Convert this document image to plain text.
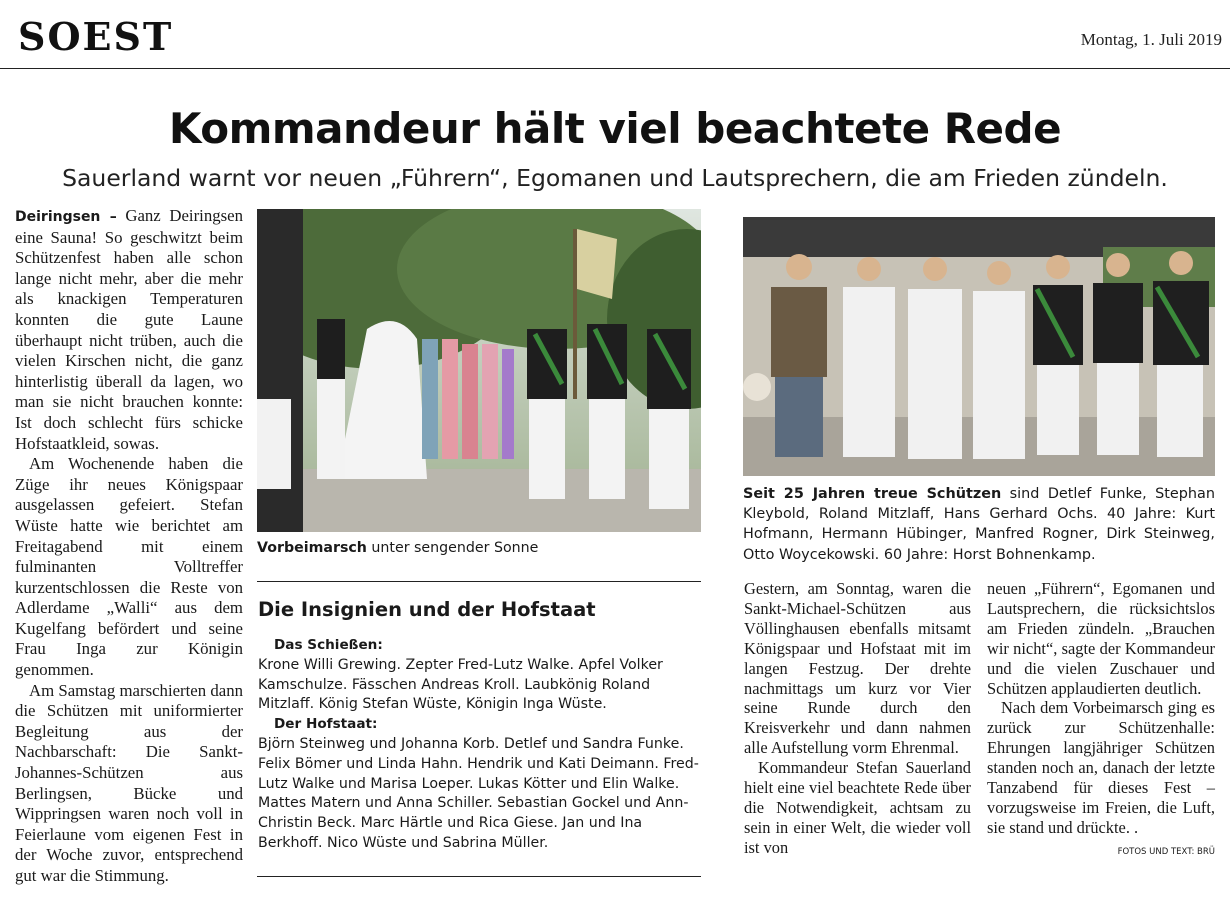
SOEST	Montag, 1. Juli 2019
Kommandeur hält viel beachtete Rede
Sauerland warnt vor neuen „Führern“, Egomanen und Lautsprechern, die am Frieden zündeln.

Deiringsen – Ganz Deiringsen eine Sauna! So geschwitzt beim Schützenfest haben alle schon lange nicht mehr, aber die mehr als knackigen Temperaturen konnten die gute Laune überhaupt nicht trüben, auch die vielen Kirschen nicht, die ganz hinterlistig überall da lagen, wo man sie nicht brauchen konnte: Ist doch schlecht fürs schicke Hofstaatkleid, sowas.

Am Wochenende haben die Züge ihr neues Königspaar ausgelassen gefeiert. Stefan Wüste hatte wie berichtet am Freitagabend mit einem fulminanten Volltreffer kurzentschlossen die Reste von Adlerdame „Walli“ aus dem Kugelfang befördert und seine Frau Inga zur Königin genommen.

Am Samstag marschierten dann die Schützen mit uniformierter Begleitung aus der Nachbarschaft: Die Sankt-Johannes-Schützen aus Berlingsen, Bücke und Wippringsen waren noch voll in Feierlaune vom eigenen Fest in der Woche zuvor, entsprechend gut war die Stimmung.

Vorbeimarsch unter sengender Sonne
Seit 25 Jahren treue Schützen sind Detlef Funke, Stephan Kleybold, Roland Mitzlaff, Hans Gerhard Ochs. 40 Jahre: Kurt Hofmann, Hermann Hübinger, Manfred Rogner, Dirk Steinweg, Otto Woycekowski. 60 Jahre: Horst Bohnenkamp.
Die Insignien und der Hofstaat
Das Schießen:
Krone Willi Grewing. Zepter Fred-Lutz Walke. Apfel Volker Kamschulze. Fässchen Andreas Kroll. Laubkönig Roland Mitzlaff. König Stefan Wüste, Königin Inga Wüste.
Der Hofstaat:
Björn Steinweg und Johanna Korb. Detlef und Sandra Funke. Felix Bömer und Linda Hahn. Hendrik und Kati Deimann. Fred-Lutz Walke und Marisa Loeper. Lukas Kötter und Elin Walke. Mattes Matern und Anna Schiller. Sebastian Gockel und Ann-Christin Beck. Marc Härtle und Rica Giese. Jan und Ina Berkhoff. Nico Wüste und Sabrina Müller.

Gestern, am Sonntag, waren die Sankt-Michael-Schützen aus Völlinghausen ebenfalls mitsamt Königspaar und Hofstaat mit im langen Festzug. Der drehte nachmittags um kurz vor Vier seine Runde durch den Kreisverkehr und dann nahmen alle Aufstellung vorm Ehrenmal.

Kommandeur Stefan Sauerland hielt eine viel beachtete Rede über die Notwendigkeit, achtsam zu sein in einer Welt, die wieder voll ist von

neuen „Führern“, Egomanen und Lautsprechern, die rücksichtslos am Frieden zündeln. „Brauchen wir nicht“, sagte der Kommandeur und die vielen Zuschauer und Schützen applaudierten deutlich.

Nach dem Vorbeimarsch ging es zurück zur Schützenhalle: Ehrungen langjähriger Schützen standen noch an, danach der letzte Tanzabend für dieses Fest – vorzugsweise im Freien, die Luft, sie stand und drückte. .
FOTOS UND TEXT: BRÜ
